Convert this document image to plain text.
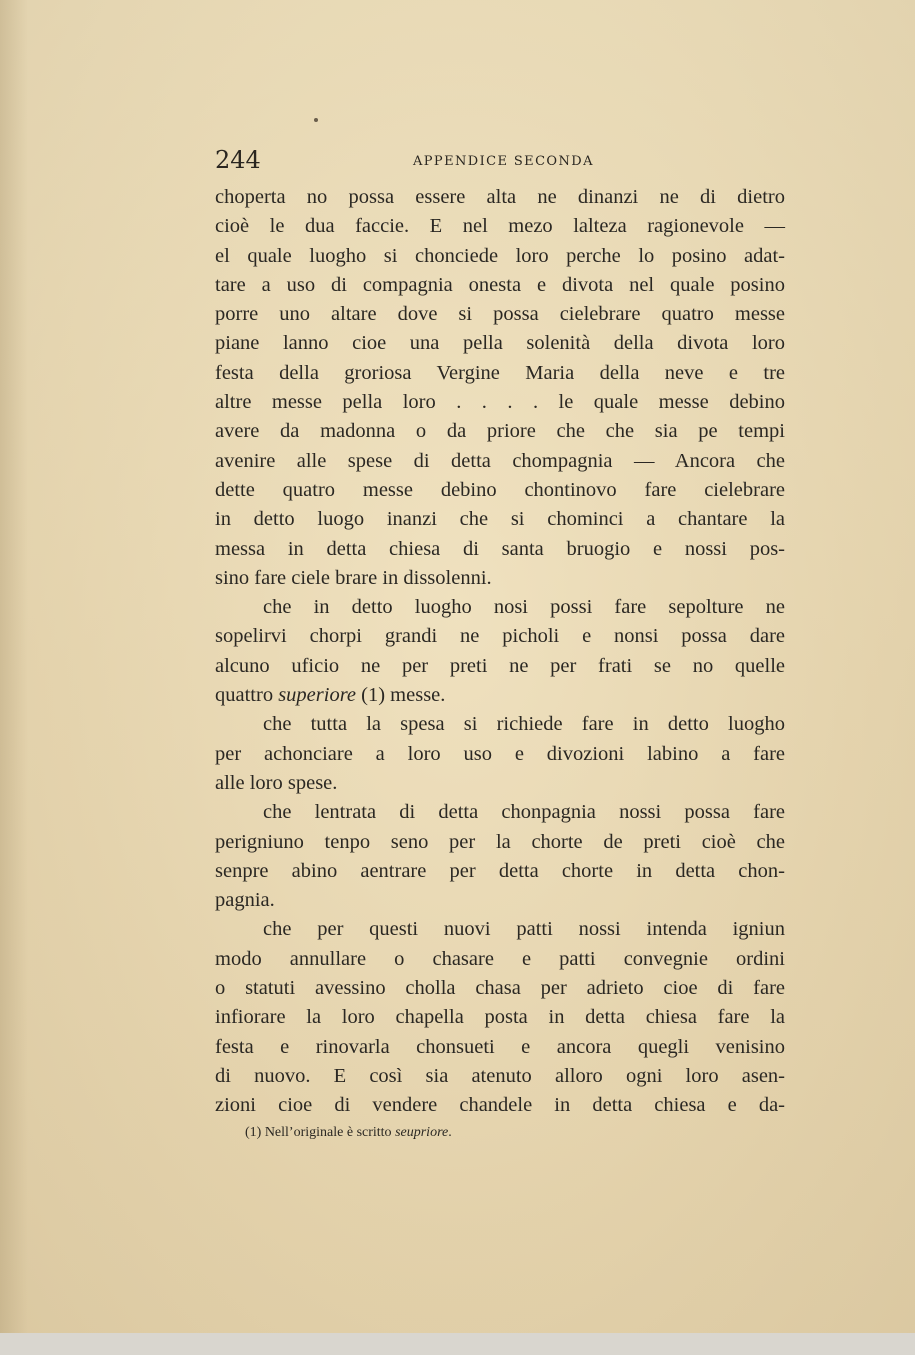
244	APPENDICE SECONDA
choperta no possa essere alta ne dinanzi ne di dietro
cioè le dua faccie. E nel mezo lalteza ragionevole —
el quale luogho si chonciede loro perche lo posino adat-
tare a uso di compagnia onesta e divota nel quale posino
porre uno altare dove si possa cielebrare quatro messe
piane lanno cioe una pella solenità della divota loro
festa della groriosa Vergine Maria della neve e tre
altre messe pella loro . . . . le quale messe debino
avere da madonna o da priore che che sia pe tempi
avenire alle spese di detta chompagnia — Ancora che
dette quatro messe debino chontinovo fare cielebrare
in detto luogo inanzi che si chominci a chantare la
messa in detta chiesa di santa bruogio e nossi pos-
sino fare ciele brare in dissolenni.
che in detto luogho nosi possi fare sepolture ne
sopelirvi chorpi grandi ne picholi e nonsi possa dare
alcuno uficio ne per preti ne per frati se no quelle
quattro superiore (1) messe.
che tutta la spesa si richiede fare in detto luogho
per achonciare a loro uso e divozioni labino a fare
alle loro spese.
che lentrata di detta chonpagnia nossi possa fare
perigniuno tenpo seno per la chorte de preti cioè che
senpre abino aentrare per detta chorte in detta chon-
pagnia.
che per questi nuovi patti nossi intenda igniun
modo annullare o chasare e patti convegnie ordini
o statuti avessino cholla chasa per adrieto cioe di fare
infiorare la loro chapella posta in detta chiesa fare la
festa e rinovarla chonsueti e ancora quegli venisino
di nuovo. E così sia atenuto alloro ogni loro asen-
zioni cioe di vendere chandele in detta chiesa e da-
(1) Nell’originale è scritto seupriore.
